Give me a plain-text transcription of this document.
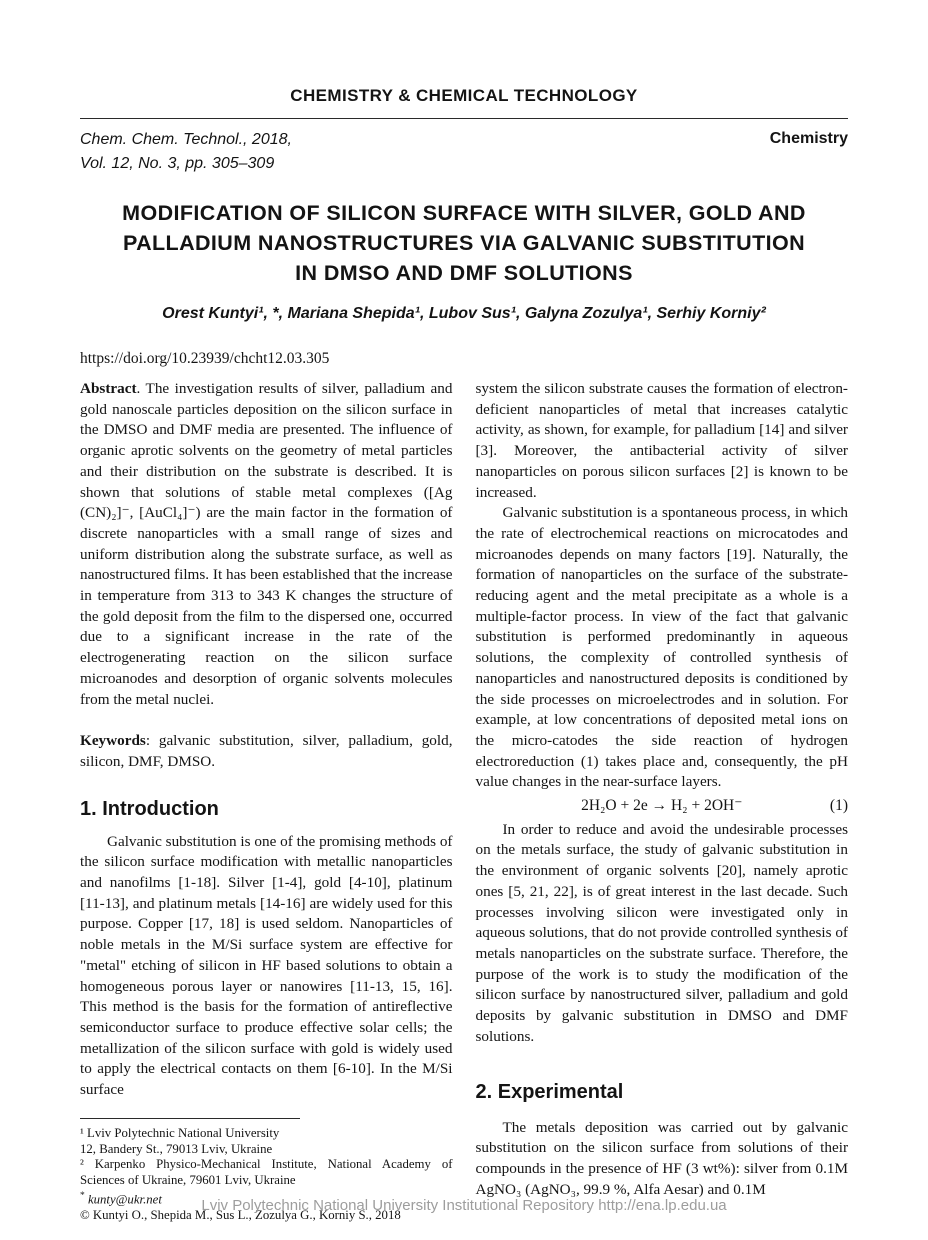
CHEMISTRY & CHEMICAL TECHNOLOGY
Chem. Chem. Technol., 2018,
Vol. 12, No. 3, pp. 305–309
Chemistry
MODIFICATION OF SILICON SURFACE WITH SILVER, GOLD AND PALLADIUM NANOSTRUCTURES VIA GALVANIC SUBSTITUTION IN DMSO AND DMF SOLUTIONS
Orest Kuntyi¹, *, Mariana Shepida¹, Lubov Sus¹, Galyna Zozulya¹, Serhiy Korniy²
https://doi.org/10.23939/chcht12.03.305

Abstract. The investigation results of silver, palladium and gold nanoscale particles deposition on the silicon surface in the DMSO and DMF media are presented. The influence of organic aprotic solvents on the geometry of metal particles and their distribution on the substrate is described. It is shown that solutions of stable metal complexes ([Ag (CN)₂]⁻, [AuCl₄]⁻) are the main factor in the formation of discrete nanoparticles with a small range of sizes and uniform distribution along the substrate surface, as well as nanostructured films. It has been established that the increase in temperature from 313 to 343 K changes the structure of the gold deposit from the film to the dispersed one, occurred due to a significant increase in the rate of the electrogenerating reaction on the silicon surface microanodes and desorption of organic solvents molecules from the metal nuclei.

Keywords: galvanic substitution, silver, palladium, gold, silicon, DMF, DMSO.

1. Introduction

Galvanic substitution is one of the promising methods of the silicon surface modification with metallic nanoparticles and nanofilms [1-18]. Silver [1-4], gold [4-10], platinum [11-13], and platinum metals [14-16] are widely used for this purpose. Copper [17, 18] is used seldom. Nanoparticles of noble metals in the M/Si surface system are effective for "metal" etching of silicon in HF based solutions to obtain a homogeneous porous layer or nanowires [11-13, 15, 16]. This method is the basis for the formation of antireflective semiconductor surface to produce effective solar cells; the metallization of the silicon surface with gold is widely used to apply the electrical contacts on them [6-10]. In the M/Si surface

¹ Lviv Polytechnic National University
12, Bandery St., 79013 Lviv, Ukraine
² Karpenko Physico-Mechanical Institute, National Academy of Sciences of Ukraine, 79601 Lviv, Ukraine
* kunty@ukr.net
© Kuntyi O., Shepida M., Sus L., Zozulya G., Korniy S., 2018

system the silicon substrate causes the formation of electron-deficient nanoparticles of metal that increases catalytic activity, as shown, for example, for palladium [14] and silver [3]. Moreover, the antibacterial activity of silver nanoparticles on porous silicon surfaces [2] is known to be increased.

Galvanic substitution is a spontaneous process, in which the rate of electrochemical reactions on microcatodes and microanodes depends on many factors [19]. Naturally, the formation of nanoparticles on the surface of the substrate-reducing agent and the metal precipitate as a whole is a multiple-factor process. In view of the fact that galvanic substitution is performed predominantly in aqueous solutions, the complexity of controlled synthesis of nanoparticles and nanostructured deposits is conditioned by the side processes on microelectrodes and in solution. For example, at low concentrations of deposited metal ions on the micro-catodes the side reaction of hydrogen electroreduction (1) takes place and, consequently, the pH value changes in the near-surface layers.

2H₂O + 2e → H₂ + 2OH⁻	(1)

In order to reduce and avoid the undesirable processes on the metals surface, the study of galvanic substitution in the environment of organic solvents [20], namely aprotic ones [5, 21, 22], is of great interest in the last decade. Such processes involving silicon were investigated only in aqueous solutions, that do not provide controlled synthesis of metals nanoparticles on the substrate surface. Therefore, the purpose of the work is to study the modification of the silicon surface by nanostructured silver, palladium and gold deposits by galvanic substitution in DMSO and DMF solutions.

2. Experimental

The metals deposition was carried out by galvanic substitution on the silicon surface from solutions of their compounds in the presence of HF (3 wt%): silver from 0.1M AgNO₃ (AgNO₃, 99.9 %, Alfa Aesar) and 0.1M

Lviv Polytechnic National University Institutional Repository http://ena.lp.edu.ua
